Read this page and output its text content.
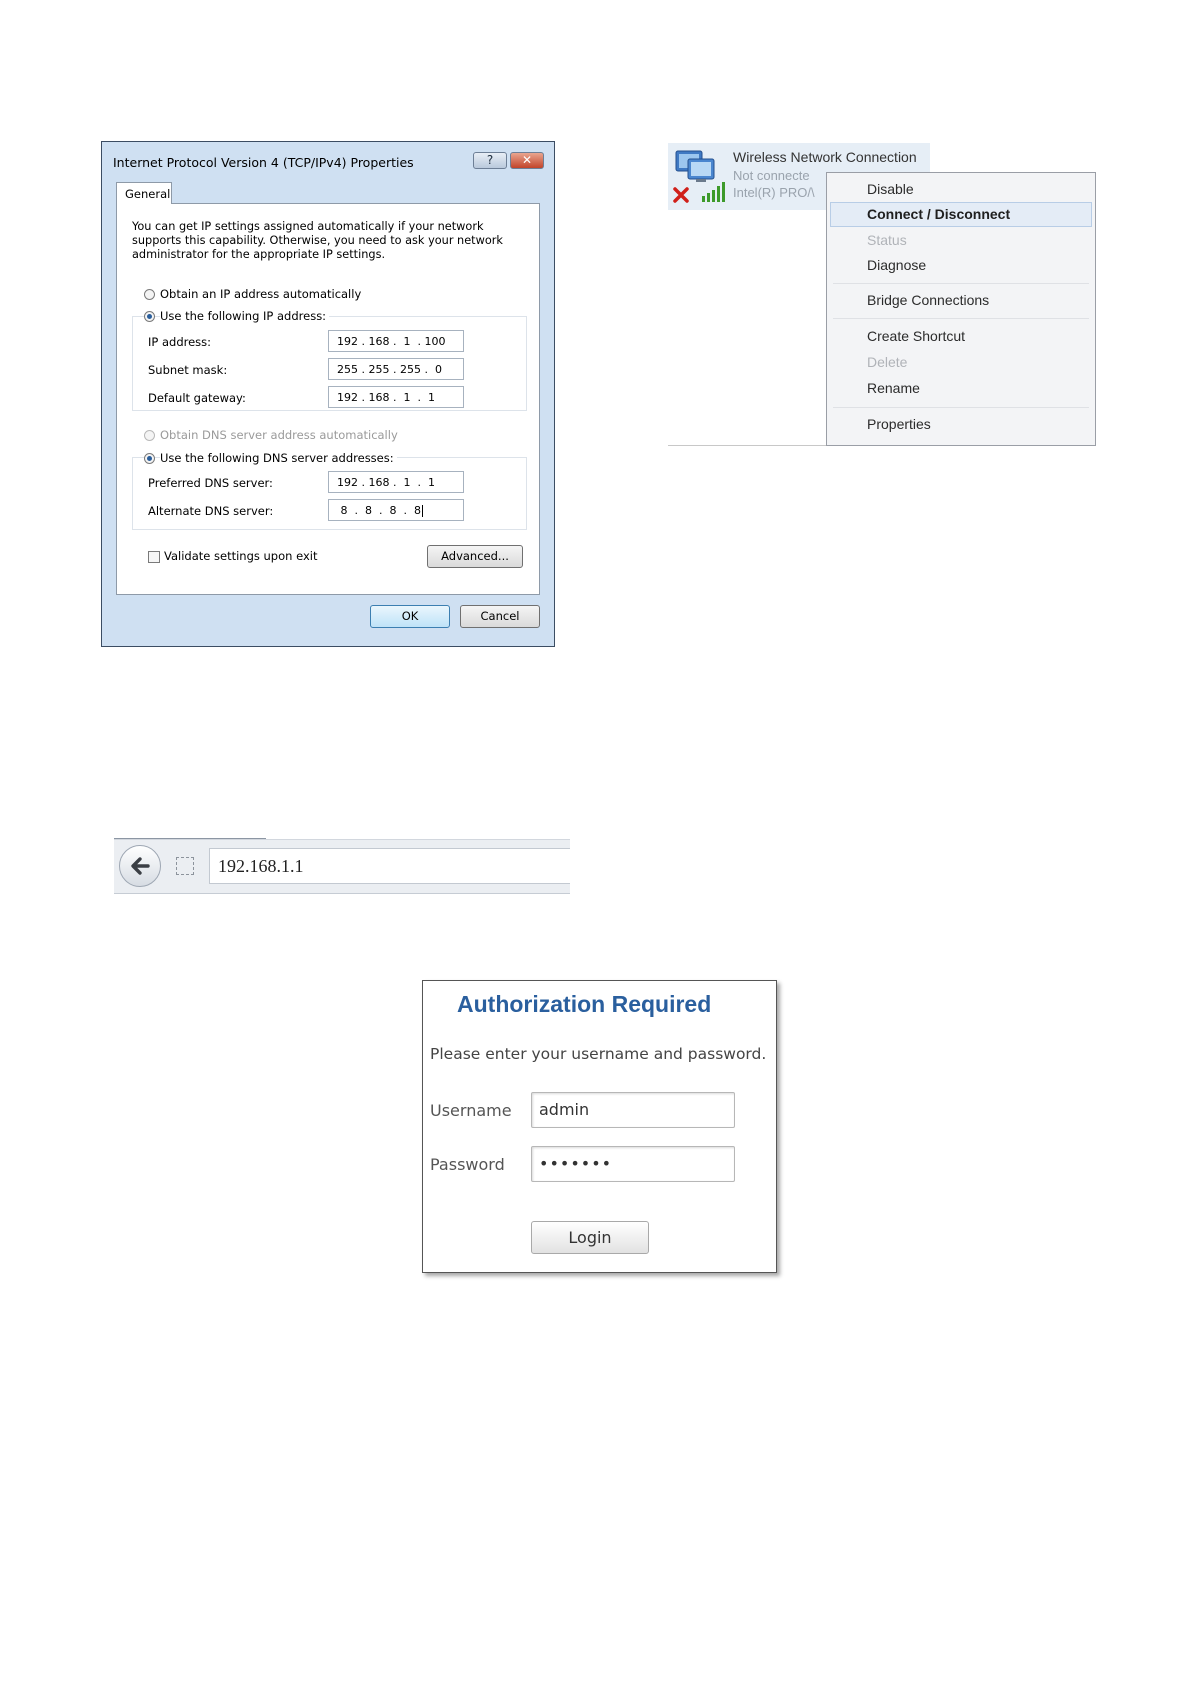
Internet Protocol Version 4 (TCP/IPv4) Properties	?	✕
General
You can get IP settings assigned automatically if your network supports this capability. Otherwise, you need to ask your network administrator for the appropriate IP settings.
Obtain an IP address automatically
Use the following IP address:
IP address:	192 . 168 .  1  . 100
Subnet mask:	255 . 255 . 255 .  0
Default gateway:	192 . 168 .  1  .  1
Obtain DNS server address automatically
Use the following DNS server addresses:
Preferred DNS server:	192 . 168 .  1  .  1
Alternate DNS server:	8  .  8  .  8  .  8
Validate settings upon exit	Advanced...
OK	Cancel
Wireless Network Connection
Not connecte
Intel(R) PRO/\	Disable
Connect / Disconnect
Status
Diagnose
Bridge Connections
Create Shortcut
Delete
Rename
Properties
192.168.1.1
Authorization Required
Please enter your username and password.
Username	admin
Password	•••••••
Login
